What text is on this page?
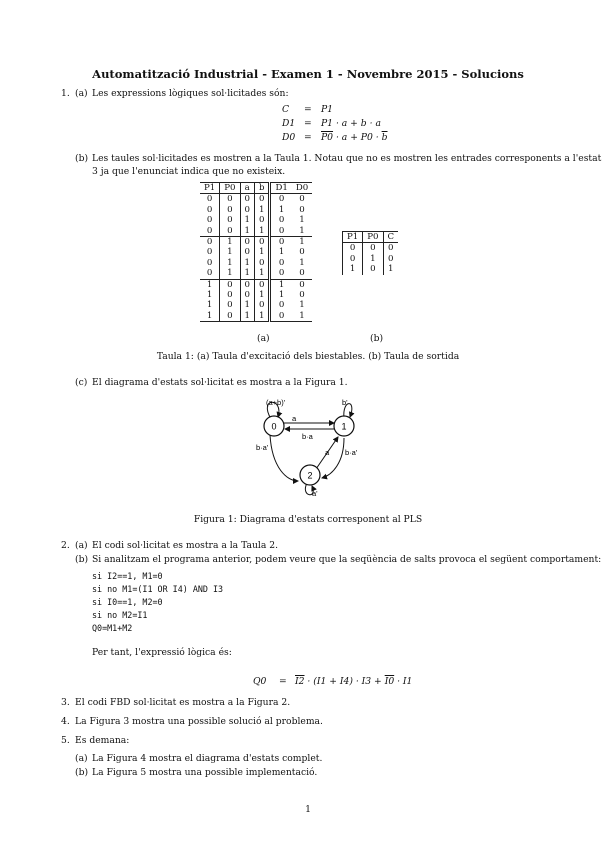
Automatització Industrial - Examen 1 - Novembre 2015 - Solucions
1. (a) Les expressions lògiques sol·licitades són:
C = P1
D1 = P1 · a + b · a
$D0 = P0 \cdot a + P0 \cdot \overline{b}$
(b) Les taules sol·licitades es mostren a la Taula 1. Notau que no es mostren les entrades corresponents a l'estat
3 ja que l'enunciat indica que no existeix.
P1	P0	a	b	D1	D0
0	0	0	0	0	0
0	0	0	1	1	0
0	0	1	0	0	1
0	0	1	1	0	1
0	1	0	0	0	1
0	1	0	1	1	0
0	1	1	0	0	1
0	1	1	1	0	0
1	0	0	0	1	0
1	0	0	1	1	0
1	0	1	0	0	1
1	0	1	1	0	1
(a)
P1	P0	C
0	0	0
0	1	0
1	0	1
(b)
Taula 1: (a) Taula d'excitació dels biestables. (b) Taula de sortida
(c) El diagrama d'estats sol·licitat es mostra a la Figura 1.
0	1
2
(a+b)'	b'
a
b·a
b·a'
a b·a'
a'
Figura 1: Diagrama d'estats corresponent al PLS
2. (a) El codi sol·licitat es mostra a la Taula 2.
(b) Si analitzam el programa anterior, podem veure que la seqüència de salts provoca el següent comportament:
si I2==1, M1=0
si no M1=(I1 OR I4) AND I3
si I0==1, M2=0
si no M2=I1
Q0=M1+M2
Per tant, l'expressió lògica és:
Q0 = I2 · (I1 + I4) · I3 + I0 · I1
3. El codi FBD sol·licitat es mostra a la Figura 2.
4. La Figura 3 mostra una possible solució al problema.
5. Es demana:
(a) La Figura 4 mostra el diagrama d'estats complet.
(b) La Figura 5 mostra una possible implementació.
1
